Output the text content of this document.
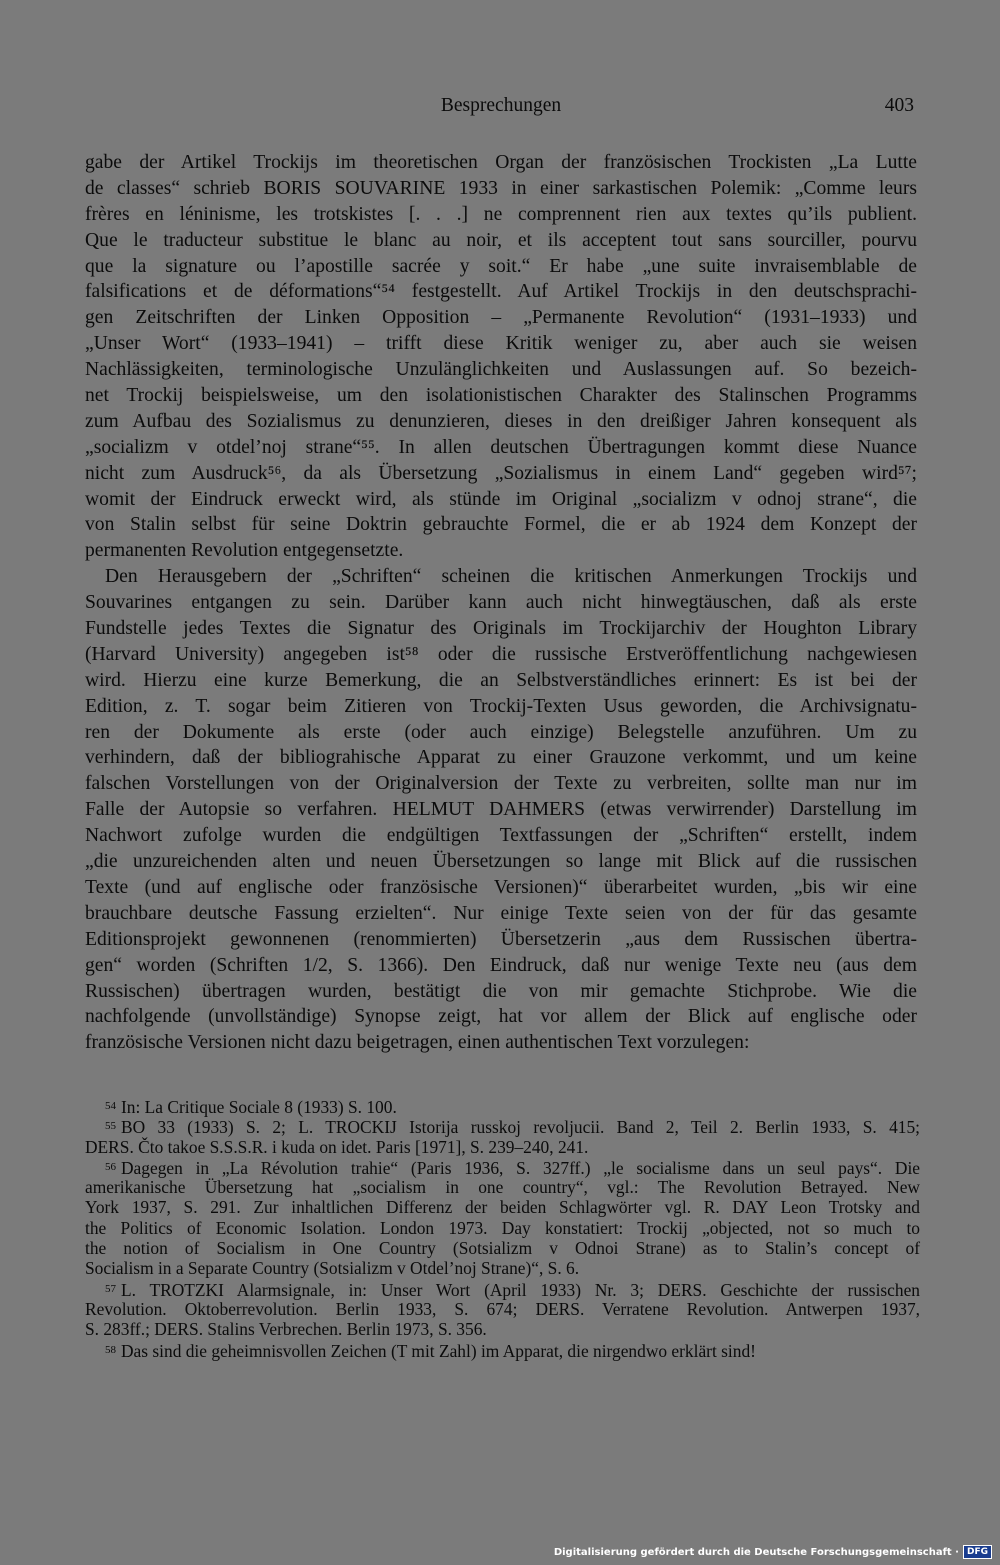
Besprechungen	403

gabe der Artikel Trockijs im theoretischen Organ der französischen Trockisten „La Lutte

de classes“ schrieb BORIS SOUVARINE 1933 in einer sarkastischen Polemik: „Comme leurs

frères en léninisme, les trotskistes [. . .] ne comprennent rien aux textes qu’ils publient.

Que le traducteur substitue le blanc au noir, et ils acceptent tout sans sourciller, pourvu

que la signature ou l’apostille sacrée y soit.“ Er habe „une suite invraisemblable de

falsifications et de déformations“⁵⁴ festgestellt. Auf Artikel Trockijs in den deutschsprachi-

gen Zeitschriften der Linken Opposition – „Permanente Revolution“ (1931–1933) und

„Unser Wort“ (1933–1941) – trifft diese Kritik weniger zu, aber auch sie weisen

Nachlässigkeiten, terminologische Unzulänglichkeiten und Auslassungen auf. So bezeich-

net Trockij beispielsweise, um den isolationistischen Charakter des Stalinschen Programms

zum Aufbau des Sozialismus zu denunzieren, dieses in den dreißiger Jahren konsequent als

„socializm v otdel’noj strane“⁵⁵. In allen deutschen Übertragungen kommt diese Nuance

nicht zum Ausdruck⁵⁶, da als Übersetzung „Sozialismus in einem Land“ gegeben wird⁵⁷;

womit der Eindruck erweckt wird, als stünde im Original „socializm v odnoj strane“, die

von Stalin selbst für seine Doktrin gebrauchte Formel, die er ab 1924 dem Konzept der

permanenten Revolution entgegensetzte.

Den Herausgebern der „Schriften“ scheinen die kritischen Anmerkungen Trockijs und

Souvarines entgangen zu sein. Darüber kann auch nicht hinwegtäuschen, daß als erste

Fundstelle jedes Textes die Signatur des Originals im Trockijarchiv der Houghton Library

(Harvard University) angegeben ist⁵⁸ oder die russische Erstveröffentlichung nachgewiesen

wird. Hierzu eine kurze Bemerkung, die an Selbstverständliches erinnert: Es ist bei der

Edition, z. T. sogar beim Zitieren von Trockij-Texten Usus geworden, die Archivsignatu-

ren der Dokumente als erste (oder auch einzige) Belegstelle anzuführen. Um zu

verhindern, daß der bibliograhische Apparat zu einer Grauzone verkommt, und um keine

falschen Vorstellungen von der Originalversion der Texte zu verbreiten, sollte man nur im

Falle der Autopsie so verfahren. HELMUT DAHMERS (etwas verwirrender) Darstellung im

Nachwort zufolge wurden die endgültigen Textfassungen der „Schriften“ erstellt, indem

„die unzureichenden alten und neuen Übersetzungen so lange mit Blick auf die russischen

Texte (und auf englische oder französische Versionen)“ überarbeitet wurden, „bis wir eine

brauchbare deutsche Fassung erzielten“. Nur einige Texte seien von der für das gesamte

Editionsprojekt gewonnenen (renommierten) Übersetzerin „aus dem Russischen übertra-

gen“ worden (Schriften 1/2, S. 1366). Den Eindruck, daß nur wenige Texte neu (aus dem

Russischen) übertragen wurden, bestätigt die von mir gemachte Stichprobe. Wie die

nachfolgende (unvollständige) Synopse zeigt, hat vor allem der Blick auf englische oder

französische Versionen nicht dazu beigetragen, einen authentischen Text vorzulegen:

$^{54}$ In: La Critique Sociale 8 (1933) S. 100.

$^{55}$ BO 33 (1933) S. 2; L. TROCKIJ Istorija russkoj revoljucii. Band 2, Teil 2. Berlin 1933, S. 415;

DERS. Čto takoe S.S.S.R. i kuda on idet. Paris [1971], S. 239–240, 241.

$^{56}$ Dagegen in „La Révolution trahie“ (Paris 1936, S. 327ff.) „le socialisme dans un seul pays“. Die

amerikanische Übersetzung hat „socialism in one country“, vgl.: The Revolution Betrayed. New

York 1937, S. 291. Zur inhaltlichen Differenz der beiden Schlagwörter vgl. R. DAY Leon Trotsky and

the Politics of Economic Isolation. London 1973. Day konstatiert: Trockij „objected, not so much to

the notion of Socialism in One Country (Sotsializm v Odnoi Strane) as to Stalin’s concept of

Socialism in a Separate Country (Sotsializm v Otdel’noj Strane)“, S. 6.

$^{57}$ L. TROTZKI Alarmsignale, in: Unser Wort (April 1933) Nr. 3; DERS. Geschichte der russischen

Revolution. Oktoberrevolution. Berlin 1933, S. 674; DERS. Verratene Revolution. Antwerpen 1937,

S. 283ff.; DERS. Stalins Verbrechen. Berlin 1973, S. 356.

$^{58}$ Das sind die geheimnisvollen Zeichen (T mit Zahl) im Apparat, die nirgendwo erklärt sind!

Digitalisierung gefördert durch die Deutsche Forschungsgemeinschaft · DFG
